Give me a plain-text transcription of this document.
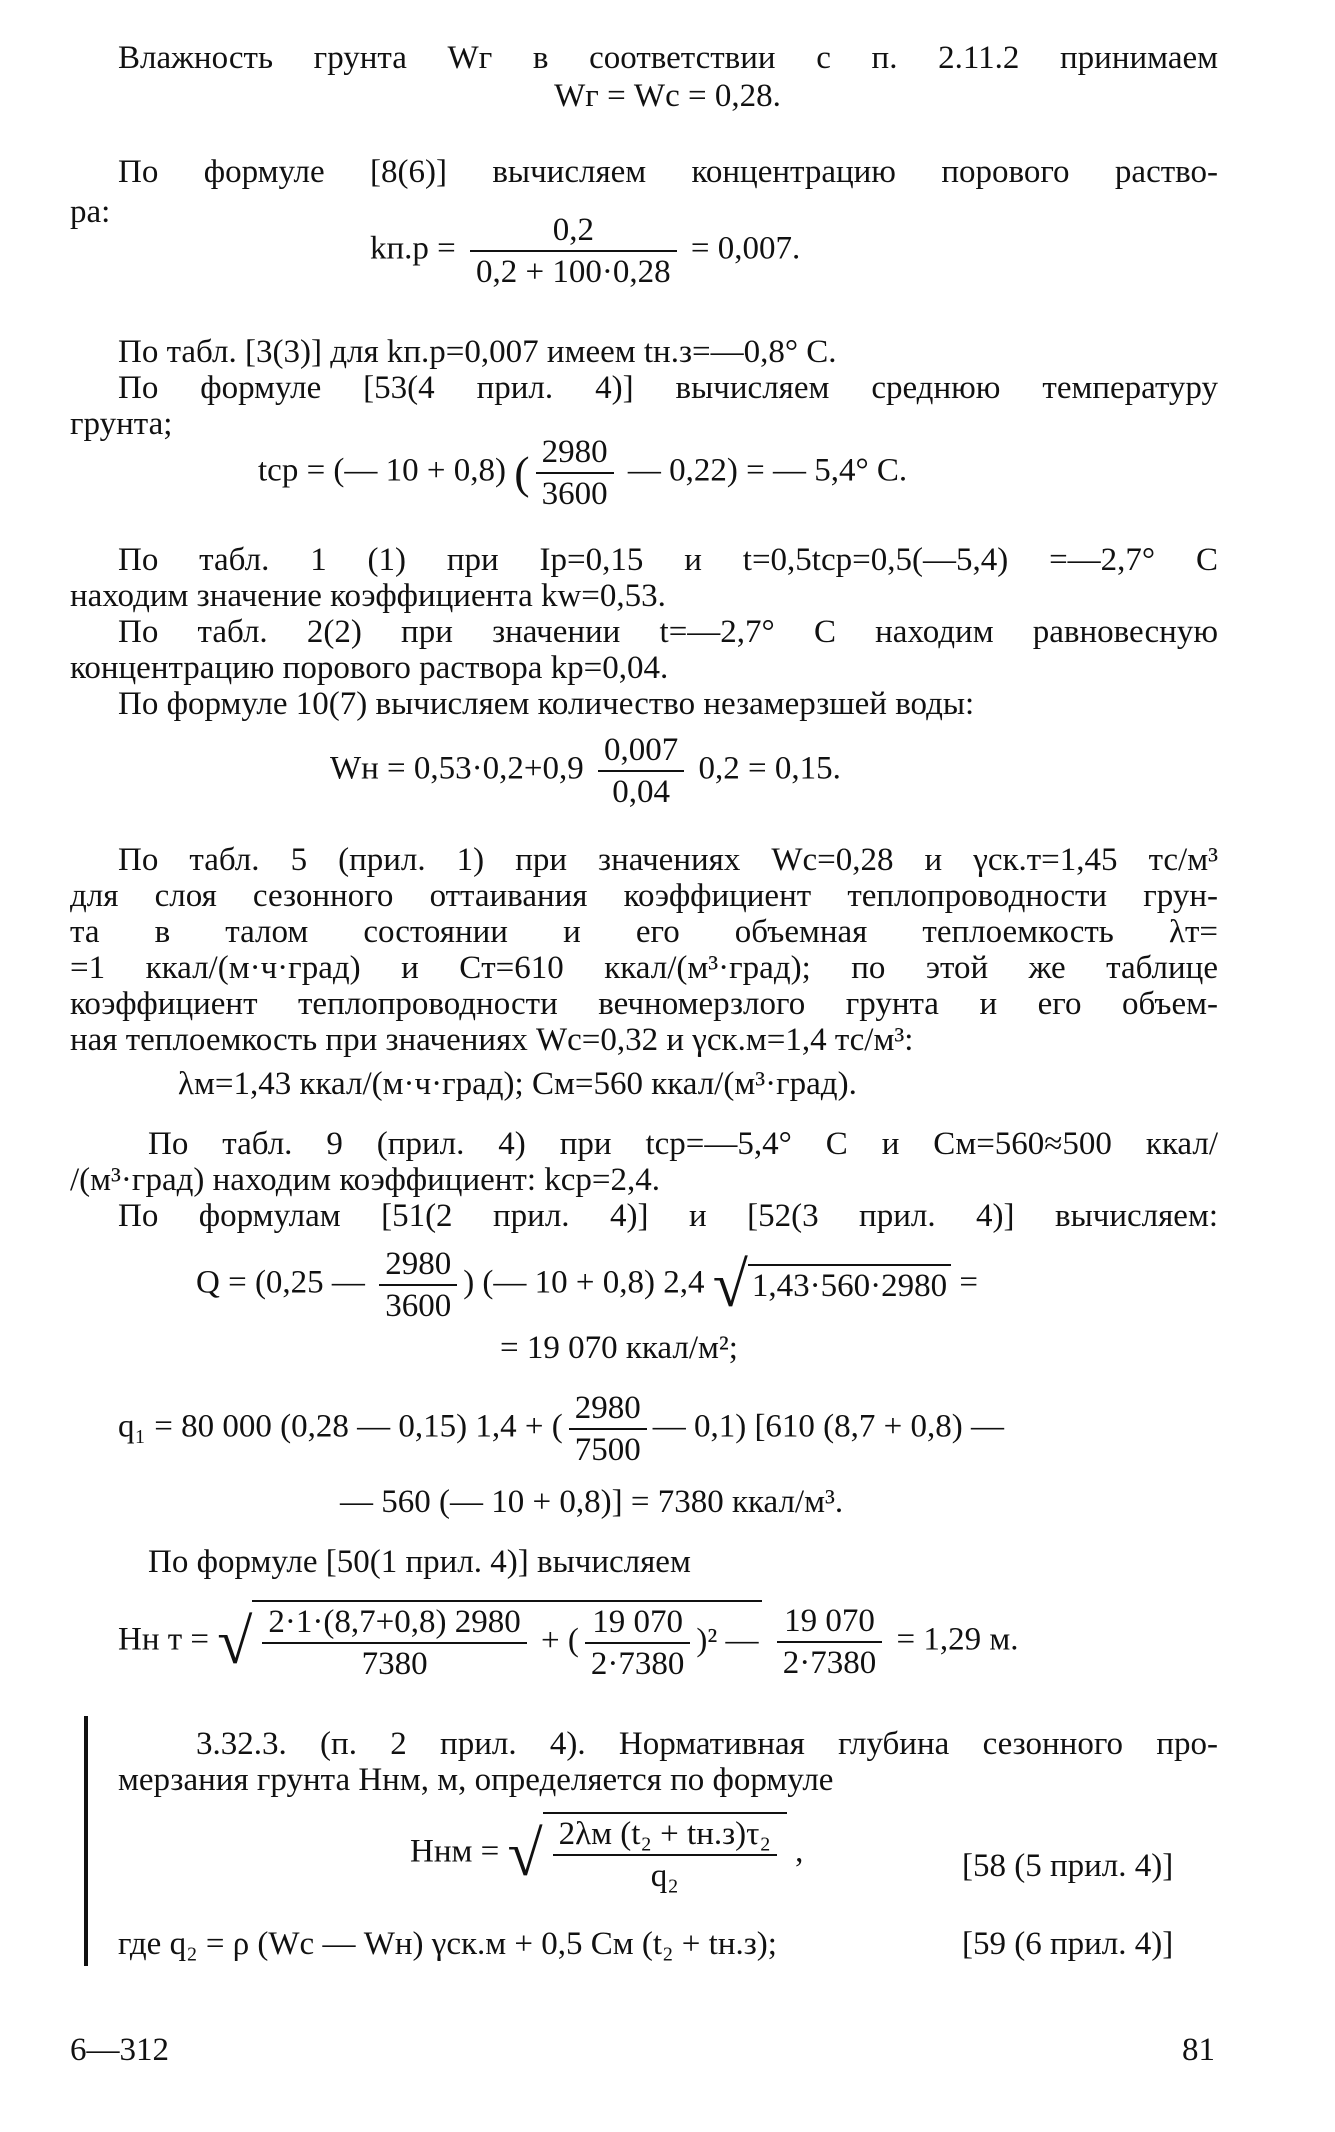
Влажность грунта Wг в соответствии с п. 2.11.2 принимаем
Wг = Wс = 0,28.
По формуле [8(6)] вычисляем концентрацию порового раство-
ра:
$kп.р = \frac{0,2}{0,2 + 100\cdot 0,28} = 0,007$.
По табл. [3(3)] для kп.р=0,007 имеем tн.з=—0,8° С.
По формуле [53(4 прил. 4)] вычисляем среднюю температуру
грунта;
tср = (— 10 + 0,8) ( $\frac{2980}{3600}$ — 0,22) = — 5,4° С.
По табл. 1 (1) при Iр=0,15 и t=0,5tср=0,5(—5,4) =—2,7° С
находим значение коэффициента kw=0,53.
По табл. 2(2) при значении t=—2,7° С находим равновесную
концентрацию порового раствора kр=0,04.
По формуле 10(7) вычисляем количество незамерзшей воды:
Wн = $0,53\cdot 0,2+0,9 \frac{0,007}{0,04} 0,2 = 0,15$.
По табл. 5 (прил. 1) при значениях Wс=0,28 и γск.т=1,45 тс/м³
для слоя сезонного оттаивания коэффициент теплопроводности грун-
та в талом состоянии и его объемная теплоемкость λт=
=1 ккал/(м·ч·град) и Cт=610 ккал/(м³·град); по этой же таблице
коэффициент теплопроводности вечномерзлого грунта и его объем-
ная теплоемкость при значениях Wс=0,32 и γск.м=1,4 тс/м³:
λм=1,43 ккал/(м·ч·град); Cм=560 ккал/(м³·град).
По табл. 9 (прил. 4) при tср=—5,4° С и Cм=560≈500 ккал/
/(м³·град) находим коэффициент: kср=2,4.
По формулам [51(2 прил. 4)] и [52(3 прил. 4)] вычисляем:
Q = (0,25 — $\frac{2980}{3600}$ ) (— 10 + 0,8) 2,4 √ 1,43·560·2980 =
= 19 070 ккал/м²;
q₁ = 80 000 (0,28 — 0,15) 1,4 + ( $\frac{2980}{7500}$ — 0,1) [610 (8,7 + 0,8) —
— 560 (— 10 + 0,8)] = 7380 ккал/м³.
По формуле [50(1 прил. 4)] вычисляем
Hн т = √ $\frac{2\cdot 1\cdot(8,7+0,8) 2980}{7380}$ + ( $\frac{19 070}{2\cdot 7380} )^2$ — $\frac{19 070}{2\cdot 7380} = 1,29$ м.
3.32.3. (п. 2 прил. 4). Нормативная глубина сезонного про-
мерзания грунта Hнм, м, определяется по формуле
Hнм = √ $\frac{\text{2λм (t₂ + tн.з)τ₂}}{\text{q₂}}$ ,	[58 (5 прил. 4)]
где q₂ = ρ (Wс — Wн) γск.м + 0,5 Cм (t₂ + tн.з);	[59 (6 прил. 4)]
6—312	81
